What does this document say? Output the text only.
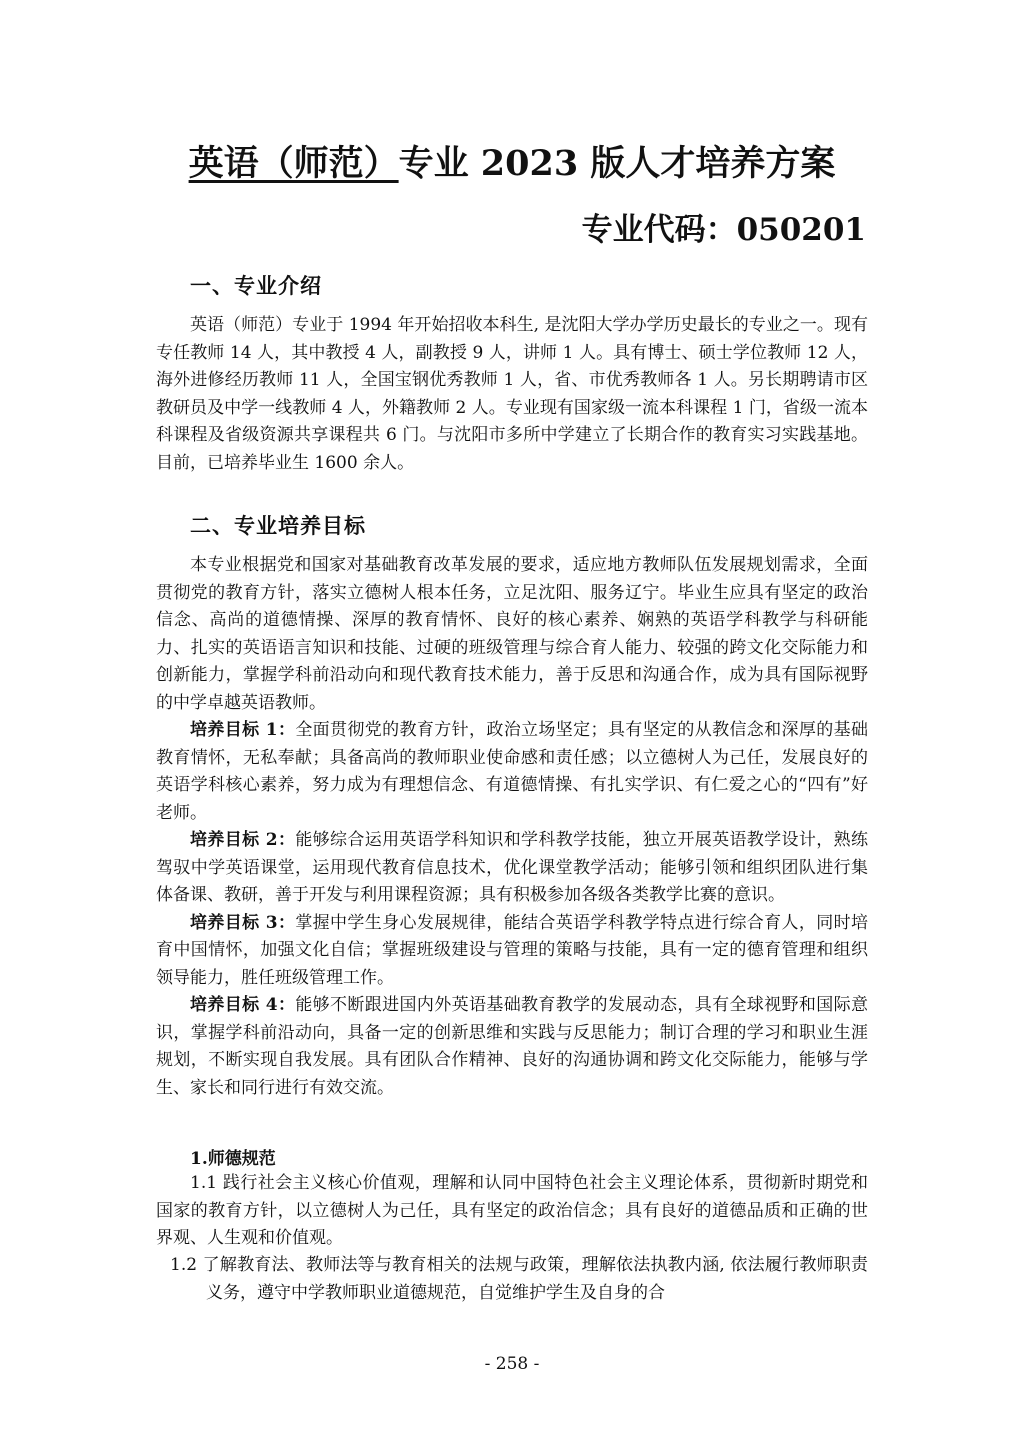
英语（师范）专业 2023 版人才培养方案
专业代码：050201
一、专业介绍

英语（师范）专业于 1994 年开始招收本科生, 是沈阳大学办学历史最长的专业之一。现有专任教师 14 人，其中教授 4 人，副教授 9 人，讲师 1 人。具有博士、硕士学位教师 12 人，海外进修经历教师 11 人，全国宝钢优秀教师 1 人，省、市优秀教师各 1 人。另长期聘请市区教研员及中学一线教师 4 人，外籍教师 2 人。专业现有国家级一流本科课程 1 门，省级一流本科课程及省级资源共享课程共 6 门。与沈阳市多所中学建立了长期合作的教育实习实践基地。目前，已培养毕业生 1600 余人。

二、专业培养目标

本专业根据党和国家对基础教育改革发展的要求，适应地方教师队伍发展规划需求，全面贯彻党的教育方针，落实立德树人根本任务，立足沈阳、服务辽宁。毕业生应具有坚定的政治信念、高尚的道德情操、深厚的教育情怀、良好的核心素养、娴熟的英语学科教学与科研能力、扎实的英语语言知识和技能、过硬的班级管理与综合育人能力、较强的跨文化交际能力和创新能力，掌握学科前沿动向和现代教育技术能力，善于反思和沟通合作，成为具有国际视野的中学卓越英语教师。

培养目标 1：全面贯彻党的教育方针，政治立场坚定；具有坚定的从教信念和深厚的基础教育情怀，无私奉献；具备高尚的教师职业使命感和责任感；以立德树人为己任，发展良好的英语学科核心素养，努力成为有理想信念、有道德情操、有扎实学识、有仁爱之心的“四有”好老师。

培养目标 2：能够综合运用英语学科知识和学科教学技能，独立开展英语教学设计，熟练驾驭中学英语课堂，运用现代教育信息技术，优化课堂教学活动；能够引领和组织团队进行集体备课、教研，善于开发与利用课程资源；具有积极参加各级各类教学比赛的意识。

培养目标 3：掌握中学生身心发展规律，能结合英语学科教学特点进行综合育人，同时培育中国情怀，加强文化自信；掌握班级建设与管理的策略与技能，具有一定的德育管理和组织领导能力，胜任班级管理工作。

培养目标 4：能够不断跟进国内外英语基础教育教学的发展动态，具有全球视野和国际意识，掌握学科前沿动向，具备一定的创新思维和实践与反思能力；制订合理的学习和职业生涯规划，不断实现自我发展。具有团队合作精神、良好的沟通协调和跨文化交际能力，能够与学生、家长和同行进行有效交流。

1.师德规范

1.1 践行社会主义核心价值观，理解和认同中国特色社会主义理论体系，贯彻新时期党和国家的教育方针，以立德树人为己任，具有坚定的政治信念；具有良好的道德品质和正确的世界观、人生观和价值观。

1.2 了解教育法、教师法等与教育相关的法规与政策，理解依法执教内涵, 依法履行教师职责义务，遵守中学教师职业道德规范，自觉维护学生及自身的合

- 258 -
